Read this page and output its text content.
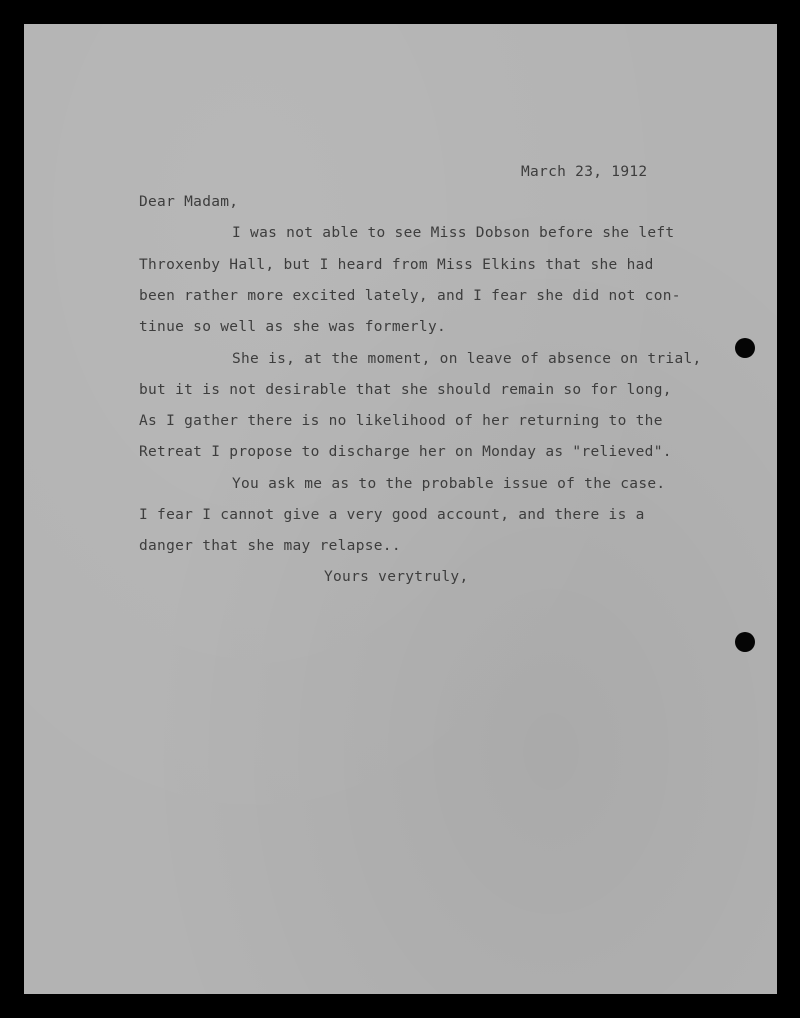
March 23, 1912

Dear Madam,

I was not able to see Miss Dobson before she left

Throxenby Hall, but I heard from Miss Elkins that she had

been rather more excited lately, and I fear she did not con-

tinue so well as she was formerly.

She is, at the moment, on leave of absence on trial,

but it is not desirable that she should remain so for long,

As I gather there is no likelihood of her returning to the

Retreat I propose to discharge her on Monday as "relieved".

You ask me as to the probable issue of the case.

I fear I cannot give a very good account, and there is a

danger that she may relapse..

Yours verytruly,
